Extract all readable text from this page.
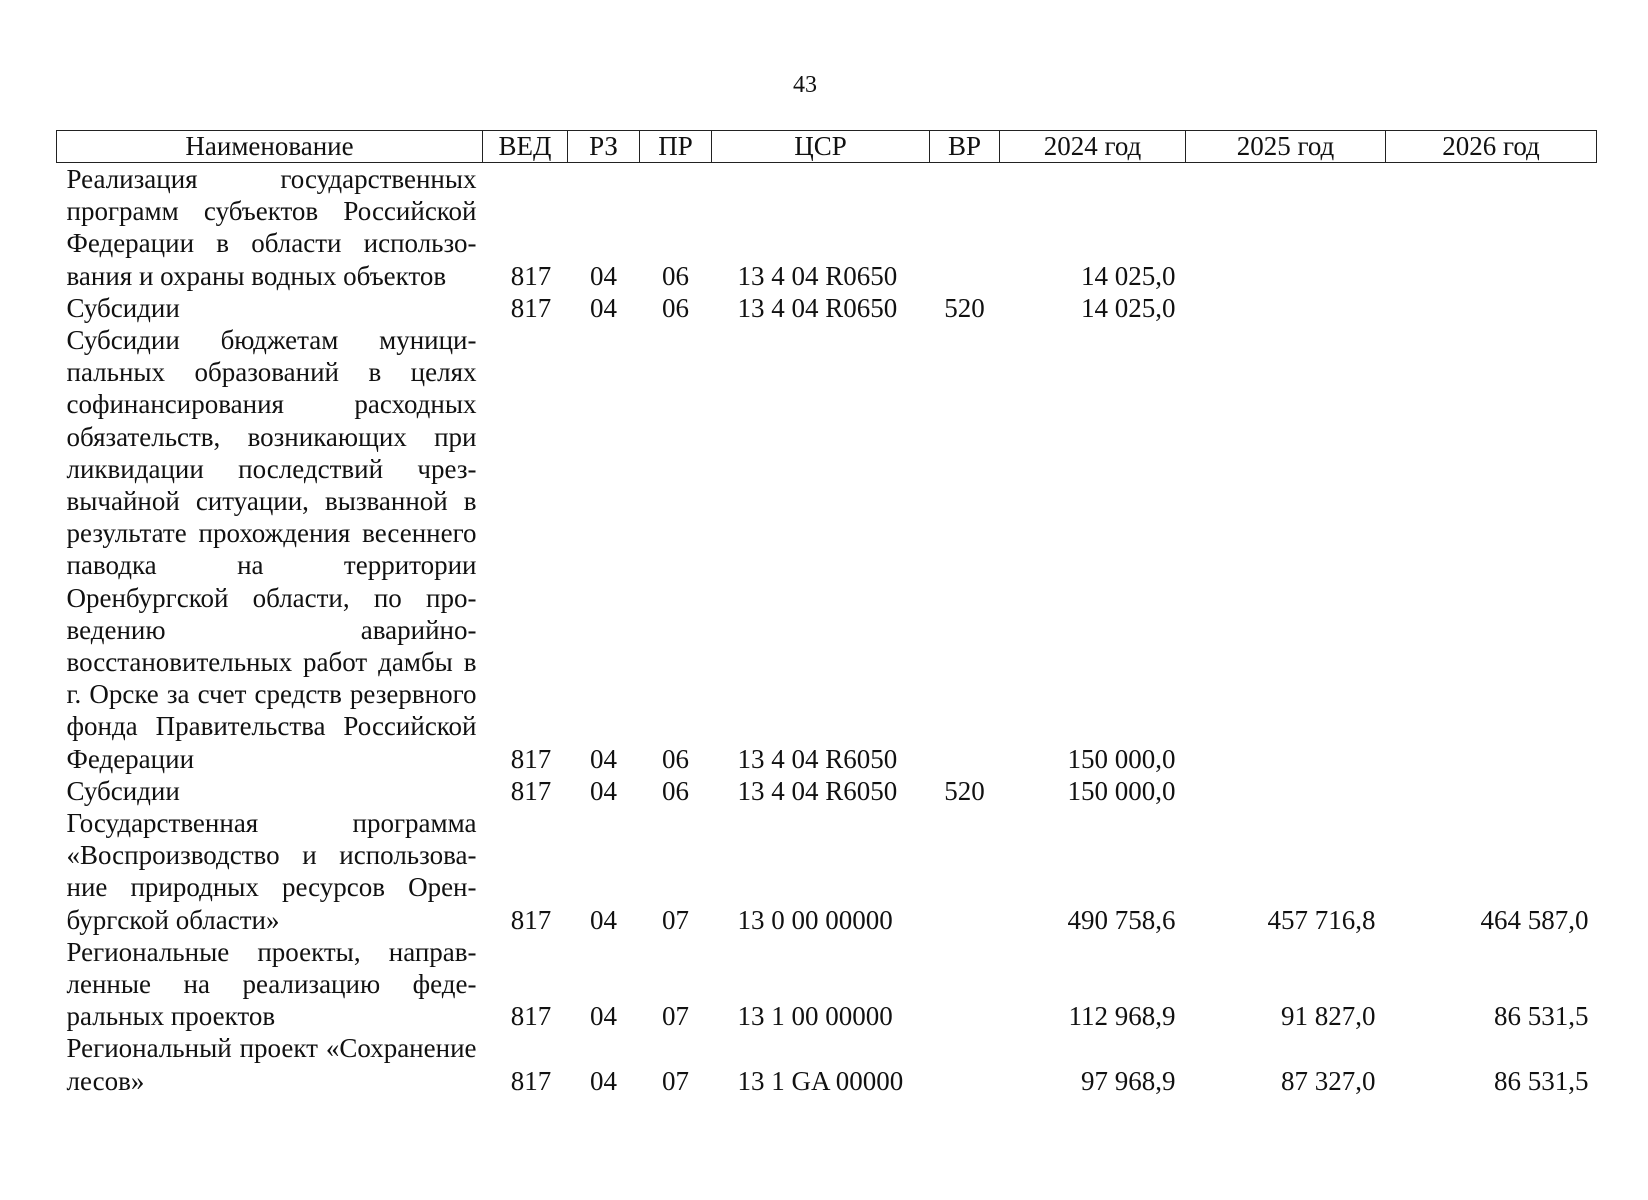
43
Наименование	ВЕД	РЗ	ПР	ЦСР	ВР	2024 год	2025 год	2026 год
Реализация государственных программ субъектов Российской Федерации в области использования и охраны водных объектов	817	04	06	13 4 04 R0650		14 025,0		
Субсидии	817	04	06	13 4 04 R0650	520	14 025,0		
Субсидии бюджетам муниципальных образований в целях софинансирования расходных обязательств, возникающих при ликвидации последствий чрезвычайной ситуации, вызванной в результате прохождения весеннего паводка на территории Оренбургской области, по проведению аварийно-восстановительных работ дамбы в г. Орске за счет средств резервного фонда Правительства Российской Федерации	817	04	06	13 4 04 R6050		150 000,0		
Субсидии	817	04	06	13 4 04 R6050	520	150 000,0		
Государственная программа «Воспроизводство и использование природных ресурсов Оренбургской области»	817	04	07	13 0 00 00000		490 758,6	457 716,8	464 587,0
Региональные проекты, направленные на реализацию федеральных проектов	817	04	07	13 1 00 00000		112 968,9	91 827,0	86 531,5
Региональный проект «Сохранение лесов»	817	04	07	13 1 GA 00000		97 968,9	87 327,0	86 531,5
